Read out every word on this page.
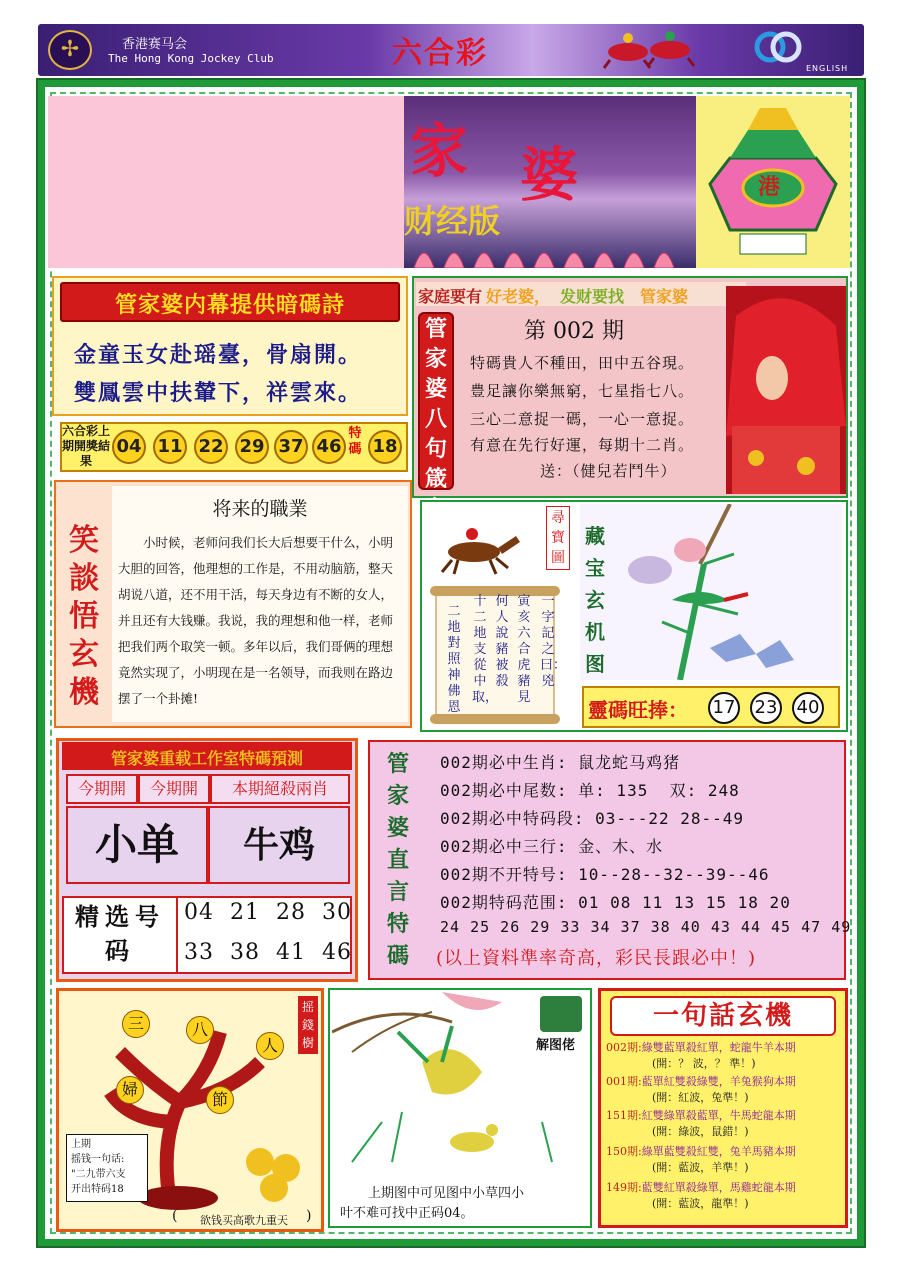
✢	香港赛马会
The Hong Kong Jockey Club	六合彩	ENGLISH
家 婆
财经版
港
管家婆内幕提供暗碼詩
金童玉女赴瑶臺，骨扇開。
雙鳳雲中扶輦下，祥雲來。
六合彩上期開獎結果
04 11 22 29 37 46
特碼 18
家庭要有 好老婆， 发财要找 管家婆
管家婆八句箴
第 002 期
特碼貴人不種田，田中五谷現。
豊足讓你樂無窮，七星指七八。
三心二意捉一碼，一心一意捉。
有意在先行好運，每期十二肖。
送：（健兒若鬥牛）
笑談悟玄機
将来的職業
小时候，老师问我们长大后想要干什么，小明大胆的回答，他理想的工作是，不用动脑筋，整天胡说八道，还不用干活，每天身边有不断的女人，并且还有大钱赚。我说，我的理想和他一样，老师把我们两个取笑一顿。多年以后，我们哥俩的理想竟然实现了，小明现在是一名领导，而我则在路边摆了一个卦摊!
一字記之曰：兇
寅亥六合虎豬見
何人說豬被殺
十二地支從中取，
二地對照神佛恩
尋寶圖
藏宝玄机图
靈碼旺捧： 17 23 40
管家婆重载工作室特碼預測
今期開	今期開	本期絕殺兩肖
小单	牛鸡
精选号码
04  21  28  30
33  38  41  46
管家婆直言特碼
002期必中生肖: 鼠龙蛇马鸡猪
002期必中尾数: 单: 135  双: 248
002期必中特码段: 03---22 28--49
002期必中三行: 金、木、水
002期不开特号: 10--28--32--39--46
002期特码范围: 01 08 11 13 15 18 20
24 25 26 29 33 34 37 38 40 43 44 45 47 49
(以上資料準率奇高，彩民長跟必中！)
摇錢樹
三	八
人
婦
節
上期
摇钱一句话:
"二九带六支
开出特码18
( 欲钱买高歌九重天 )
解图佬
上期图中可见图中小草四小
叶不难可找中正码04。
一句話玄機
002期:綠雙藍單殺紅單，蛇龍牛羊本期
(開：？ 波，？ 準！)
001期:藍單紅雙殺綠雙，羊兔猴狗本期
(開：紅波，兔準！)
151期:紅雙綠單殺藍單，牛馬蛇龍本期
(開：綠波，鼠錯！)
150期:綠單藍雙殺紅雙，兔羊馬豬本期
(開：藍波，羊準！)
149期:藍雙紅單殺綠單，馬雞蛇龍本期
(開：藍波，龍準！)
